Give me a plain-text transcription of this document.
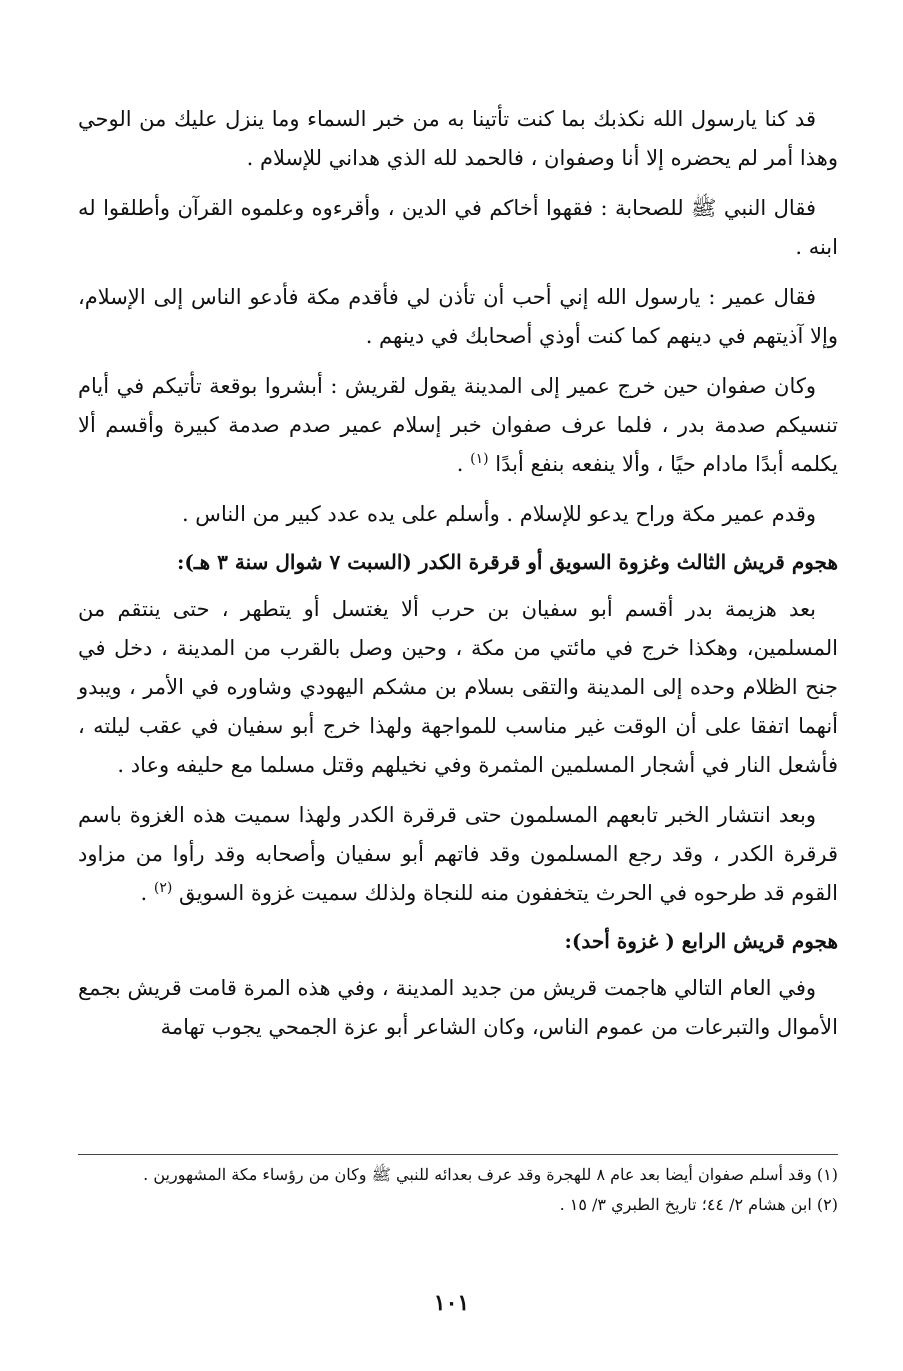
قد كنا يارسول الله نكذبك بما كنت تأتينا به من خبر السماء وما ينزل عليك من الوحي وهذا أمر لم يحضره إلا أنا وصفوان ، فالحمد لله الذي هداني للإسلام .

فقال النبي ﷺ للصحابة : فقهوا أخاكم في الدين ، وأقرءوه وعلموه القرآن وأطلقوا له ابنه .

فقال عمير : يارسول الله إني أحب أن تأذن لي فأقدم مكة فأدعو الناس إلى الإسلام، وإلا آذيتهم في دينهم كما كنت أوذي أصحابك في دينهم .

وكان صفوان حين خرج عمير إلى المدينة يقول لقريش : أبشروا بوقعة تأتيكم في أيام تنسيكم صدمة بدر ، فلما عرف صفوان خبر إسلام عمير صدم صدمة كبيرة وأقسم ألا يكلمه أبدًا مادام حيًا ، وألا ينفعه بنفع أبدًا $^{(١)}$ .

وقدم عمير مكة وراح يدعو للإسلام . وأسلم على يده عدد كبير من الناس .

هجوم قريش الثالث وغزوة السويق أو قرقرة الكدر (السبت ٧ شوال سنة ٣ هـ):

بعد هزيمة بدر أقسم أبو سفيان بن حرب ألا يغتسل أو يتطهر ، حتى ينتقم من المسلمين، وهكذا خرج في مائتي من مكة ، وحين وصل بالقرب من المدينة ، دخل في جنح الظلام وحده إلى المدينة والتقى بسلام بن مشكم اليهودي وشاوره في الأمر ، ويبدو أنهما اتفقا على أن الوقت غير مناسب للمواجهة ولهذا خرج أبو سفيان في عقب ليلته ، فأشعل النار في أشجار المسلمين المثمرة وفي نخيلهم وقتل مسلما مع حليفه وعاد .

وبعد انتشار الخبر تابعهم المسلمون حتى قرقرة الكدر ولهذا سميت هذه الغزوة باسم قرقرة الكدر ، وقد رجع المسلمون وقد فاتهم أبو سفيان وأصحابه وقد رأوا من مزاود القوم قد طرحوه في الحرث يتخففون منه للنجاة ولذلك سميت غزوة السويق $^{(٢)}$ .

هجوم قريش الرابع ( غزوة أحد):

وفي العام التالي هاجمت قريش من جديد المدينة ، وفي هذه المرة قامت قريش بجمع الأموال والتبرعات من عموم الناس، وكان الشاعر أبو عزة الجمحي يجوب تهامة

(١) وقد أسلم صفوان أيضا بعد عام ٨ للهجرة وقد عرف بعدائه للنبي ﷺ وكان من رؤساء مكة المشهورين .

(٢) ابن هشام ٢/ ٤٤؛ تاريخ الطبري ٣/ ١٥ .

١٠١
